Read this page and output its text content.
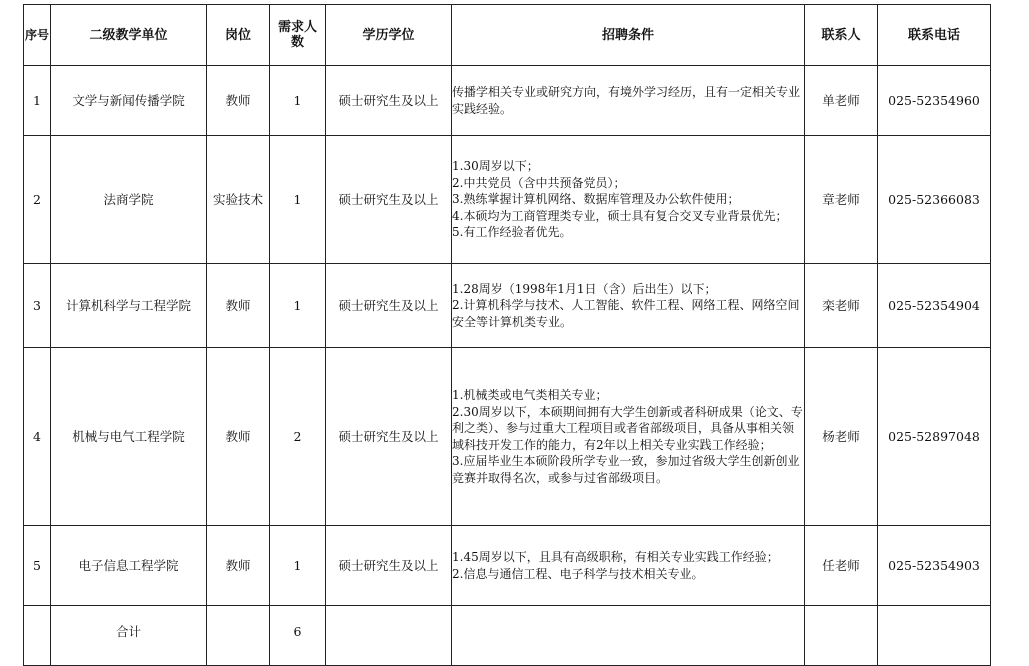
序号	二级教学单位	岗位	需求人数	学历学位	招聘条件	联系人	联系电话
1	文学与新闻传播学院	教师	1	硕士研究生及以上	传播学相关专业或研究方向，有境外学习经历，且有一定相关专业实践经验。	单老师	025-52354960
2	法商学院	实验技术	1	硕士研究生及以上	1.30周岁以下；
2.中共党员（含中共预备党员）；
3.熟练掌握计算机网络、数据库管理及办公软件使用；
4.本硕均为工商管理类专业，硕士具有复合交叉专业背景优先；
5.有工作经验者优先。	章老师	025-52366083
3	计算机科学与工程学院	教师	1	硕士研究生及以上	1.28周岁（1998年1月1日（含）后出生）以下；
2.计算机科学与技术、人工智能、软件工程、网络工程、网络空间安全等计算机类专业。	栾老师	025-52354904
4	机械与电气工程学院	教师	2	硕士研究生及以上	1.机械类或电气类相关专业；
2.30周岁以下，本硕期间拥有大学生创新或者科研成果（论文、专利之类）、参与过重大工程项目或者省部级项目，具备从事相关领域科技开发工作的能力，有2年以上相关专业实践工作经验；
3.应届毕业生本硕阶段所学专业一致，参加过省级大学生创新创业竞赛并取得名次，或参与过省部级项目。	杨老师	025-52897048
5	电子信息工程学院	教师	1	硕士研究生及以上	1.45周岁以下，且具有高级职称，有相关专业实践工作经验；
2.信息与通信工程、电子科学与技术相关专业。	任老师	025-52354903
	合计		6				
